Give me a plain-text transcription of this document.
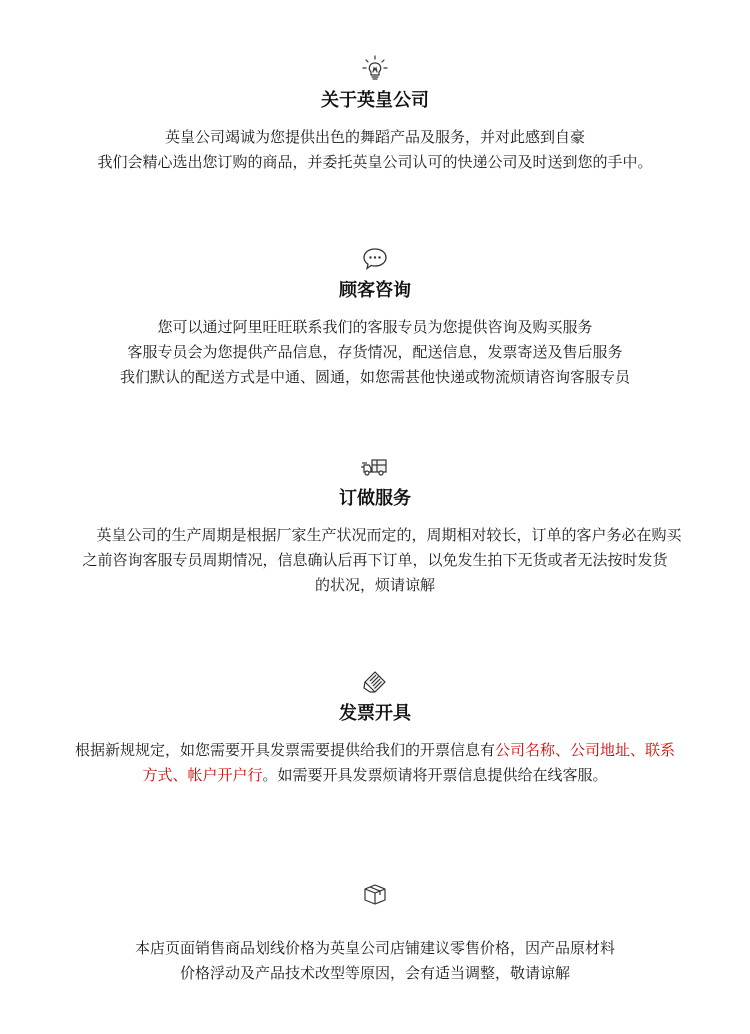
关于英皇公司
英皇公司竭诚为您提供出色的舞蹈产品及服务，并对此感到自豪
我们会精心选出您订购的商品，并委托英皇公司认可的快递公司及时送到您的手中。
顾客咨询
您可以通过阿里旺旺联系我们的客服专员为您提供咨询及购买服务
客服专员会为您提供产品信息，存货情况，配送信息，发票寄送及售后服务
我们默认的配送方式是中通、圆通，如您需甚他快递或物流烦请咨询客服专员
订做服务
英皇公司的生产周期是根据厂家生产状况而定的，周期相对较长，订单的客户务必在购买
之前咨询客服专员周期情况，信息确认后再下订单，以免发生拍下无货或者无法按时发货
的状况，烦请谅解
发票开具
根据新规规定，如您需要开具发票需要提供给我们的开票信息有公司名称、公司地址、联系
方式、帐户开户行。如需要开具发票烦请将开票信息提供给在线客服。
本店页面销售商品划线价格为英皇公司店铺建议零售价格，因产品原材料
价格浮动及产品技术改型等原因，会有适当调整，敬请谅解
